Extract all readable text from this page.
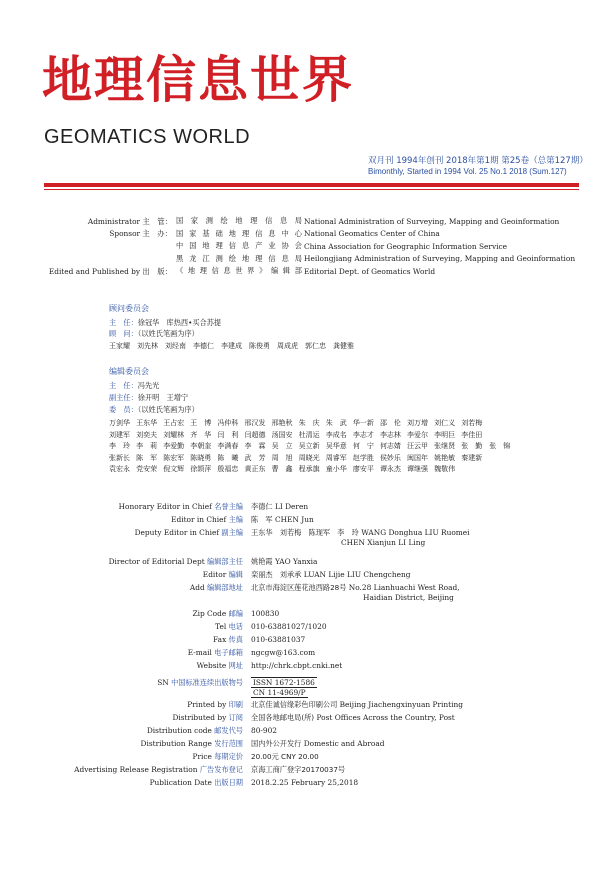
地理信息世界
GEOMATICS WORLD
双月刊 1994年创刊 2018年第1期 第25卷（总第127期）
Bimonthly, Started in 1994 Vol. 25 No.1 2018 (Sum.127)
Administrator 主　管： 国家测绘地理信息局 National Administration of Surveying, Mapping and Geoinformation
Sponsor 主　办： 国家基础地理信息中心 National Geomatics Center of China
中国地理信息产业协会 China Association for Geographic Information Service
黑龙江测绘地理信息局 Heilongjiang Administration of Surveying, Mapping and Geoinformation
Edited and Published by 出　版： 《地理信息世界》编辑部 Editorial Dept. of Geomatics World
顾问委员会
主　任：徐冠华　库热西•买合苏提
顾　问：（以姓氏笔画为序）
王家耀　刘先林　刘经南　李德仁　李建成　陈俊勇　周成虎　郭仁忠　龚健雅
编辑委员会
主　任：冯先光
副主任：徐开明　王增宁
委　员：（以姓氏笔画为序）
万剑华 王东华 王占宏 王　博 冯仲科 邢汉发 邢艳秋 朱　庆 朱　武 华一新 邵　伦 刘万增 刘仁义 刘若梅
刘建军 刘奕夫 刘耀林 齐　华 闫　利 闫超德 汤国安 杜清运 李成名 李志才 李志林 李爱尔 李明巨 李佳田
李　玲 李　莉 李爱勤 李朝奎 李满春 李　霖 吴　立 吴立新 吴华意 何　宁 何志婧 汪云甲 张继贤 张　勤　张　锦
张新长 陈　军 陈宏军 陈晓勇 陈　曦 武　芳 周　旭 周晓光 周睿军 赵学胜 侯妙乐 闽国年 姚艳敏 秦建新
袁宏永 党安荣 倪文辉 徐颉萍 殷福忠 黄正东 曹　鑫 程承旗 童小华 廖安平 谭永杰 谭继强 魏敬伟
Honorary Editor in Chief 名誉主编 李德仁 LI Deren
Editor in Chief 主编 陈　军 CHEN Jun
Deputy Editor in Chief 副主编 王东华　刘若梅　陈现军　李　玲 WANG Donghua LIU Ruomei
CHEN Xianjun LI Ling
Director of Editorial Dept 编辑部主任 姚艳霞 YAO Yanxia
Editor 编辑 栾丽杰　刘承承 LUAN Lijie LIU Chengcheng
Add 编辑部地址 北京市海淀区莲花池西路28号 No.28 Lianhuachi West Road,
Haidian District, Beijing
Zip Code 邮编 100830
Tel 电话 010-63881027/1020
Fax 传真 010-63881037
E-mail 电子邮箱 ngcgw@163.com
Website 网址 http://chrk.cbpt.cnki.net
SN 中国标准连续出版物号 ISSN 1672-1586
CN 11-4969/P
Printed by 印刷 北京佳诚信缘彩色印刷公司 Beijing Jiachengxinyuan Printing
Distributed by 订阅 全国各地邮电局(所) Post Offices Across the Country, Post
Distribution code 邮发代号 80-902
Distribution Range 发行范围 国内外公开发行 Domestic and Abroad
Price 每期定价 20.00元 CNY 20.00
Advertising Release Registration 广告发布登记 京海工商广登字20170037号
Publication Date 出版日期 2018.2.25 February 25,2018
